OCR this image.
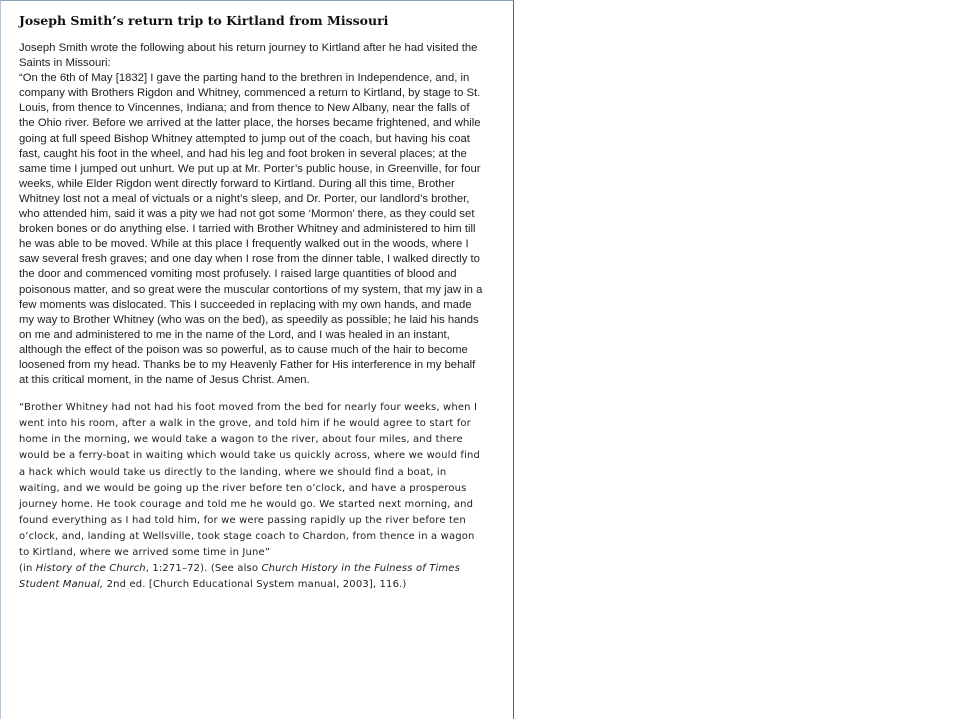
Joseph Smith’s return trip to Kirtland from Missouri

Joseph Smith wrote the following about his return journey to Kirtland after he had visited the Saints in Missouri:
“On the 6th of May [1832] I gave the parting hand to the brethren in Independence, and, in company with Brothers Rigdon and Whitney, commenced a return to Kirtland, by stage to St. Louis, from thence to Vincennes, Indiana; and from thence to New Albany, near the falls of the Ohio river. Before we arrived at the latter place, the horses became frightened, and while going at full speed Bishop Whitney attempted to jump out of the coach, but having his coat fast, caught his foot in the wheel, and had his leg and foot broken in several places; at the same time I jumped out unhurt. We put up at Mr. Porter’s public house, in Greenville, for four weeks, while Elder Rigdon went directly forward to Kirtland. During all this time, Brother Whitney lost not a meal of victuals or a night’s sleep, and Dr. Porter, our landlord’s brother, who attended him, said it was a pity we had not got some ‘Mormon’ there, as they could set broken bones or do anything else. I tarried with Brother Whitney and administered to him till he was able to be moved. While at this place I frequently walked out in the woods, where I saw several fresh graves; and one day when I rose from the dinner table, I walked directly to the door and commenced vomiting most profusely. I raised large quantities of blood and poisonous matter, and so great were the muscular contortions of my system, that my jaw in a few moments was dislocated. This I succeeded in replacing with my own hands, and made my way to Brother Whitney (who was on the bed), as speedily as possible; he laid his hands on me and administered to me in the name of the Lord, and I was healed in an instant, although the effect of the poison was so powerful, as to cause much of the hair to become loosened from my head. Thanks be to my Heavenly Father for His interference in my behalf at this critical moment, in the name of Jesus Christ. Amen.

“Brother Whitney had not had his foot moved from the bed for nearly four weeks, when I went into his room, after a walk in the grove, and told him if he would agree to start for home in the morning, we would take a wagon to the river, about four miles, and there would be a ferry-boat in waiting which would take us quickly across, where we would find a hack which would take us directly to the landing, where we should find a boat, in waiting, and we would be going up the river before ten o’clock, and have a prosperous journey home. He took courage and told me he would go. We started next morning, and found everything as I had told him, for we were passing rapidly up the river before ten o’clock, and, landing at Wellsville, took stage coach to Chardon, from thence in a wagon to Kirtland, where we arrived some time in June”
(in History of the Church, 1:271–72). (See also Church History in the Fulness of Times Student Manual, 2nd ed. [Church Educational System manual, 2003], 116.)
